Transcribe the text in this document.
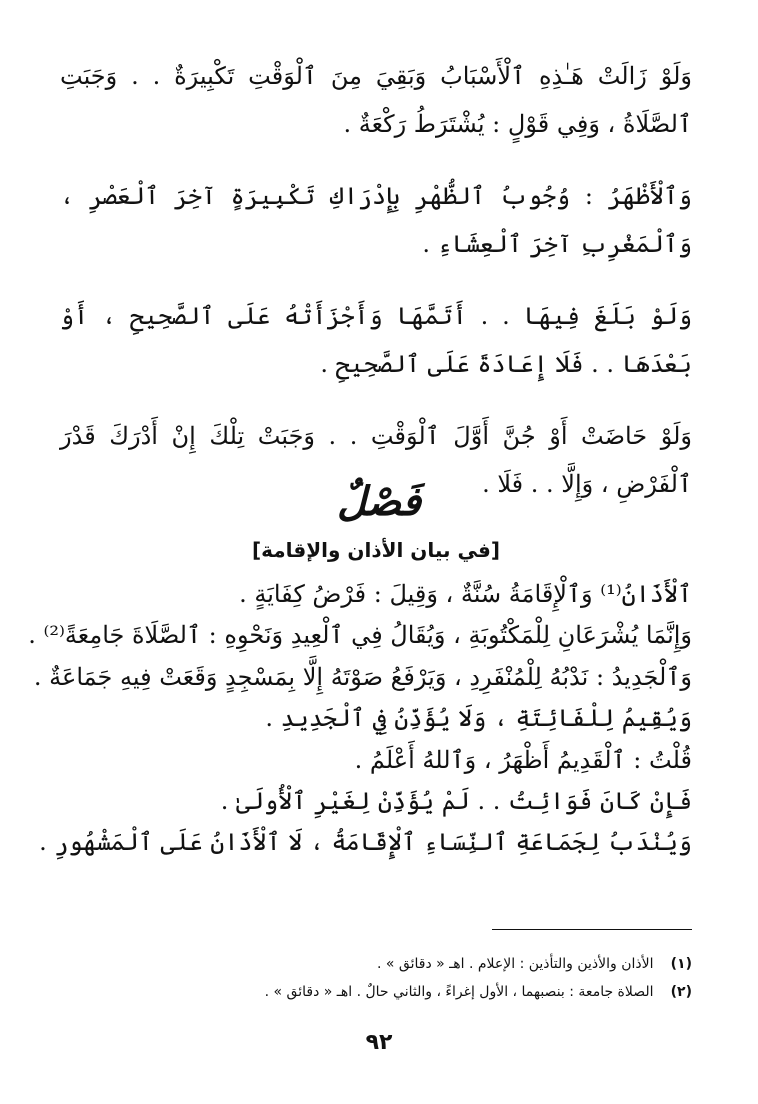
وَلَوْ زَالَتْ هَـٰذِهِ ٱلْأَسْبَابُ وَبَقِيَ مِنَ ٱلْوَقْتِ تَكْبِيرَةٌ . . وَجَبَتِ ٱلصَّلَاةُ ، وَفِي قَوْلٍ : يُشْتَرَطُ رَكْعَةٌ .

وَٱلْأَظْهَرُ : وُجُوبُ ٱلظُّهْرِ بِإِدْرَاكِ تَكْبِيرَةٍ آخِرَ ٱلْعَصْرِ ، وَٱلْمَغْرِبِ آخِرَ ٱلْعِشَاءِ .

وَلَوْ بَلَغَ فِيهَا . . أَتَمَّهَا وَأَجْزَأَتْهُ عَلَى ٱلصَّحِيحِ ، أَوْ بَعْدَهَا . . فَلَا إِعَادَةَ عَلَى ٱلصَّحِيحِ .

وَلَوْ حَاضَتْ أَوْ جُنَّ أَوَّلَ ٱلْوَقْتِ . . وَجَبَتْ تِلْكَ إِنْ أَدْرَكَ قَدْرَ ٱلْفَرْضِ ، وَإِلَّا . . فَلَا .

فَصْلٌ
[في بيان الأذان والإقامة]

ٱلْأَذَانُ⁽¹⁾ وَٱلْإِقَامَةُ سُنَّةٌ ، وَقِيلَ : فَرْضُ كِفَايَةٍ .

وَإِنَّمَا يُشْرَعَانِ لِلْمَكْتُوبَةِ ، وَيُقَالُ فِي ٱلْعِيدِ وَنَحْوِهِ : ٱلصَّلَاةَ جَامِعَةً⁽²⁾ .

وَٱلْجَدِيدُ : نَدْبُهُ لِلْمُنْفَرِدِ ، وَيَرْفَعُ صَوْتَهُ إِلَّا بِمَسْجِدٍ وَقَعَتْ فِيهِ جَمَاعَةٌ .

وَيُقِيمُ لِلْفَائِتَةِ ، وَلَا يُؤَذِّنُ فِي ٱلْجَدِيدِ .

قُلْتُ : ٱلْقَدِيمُ أَظْهَرُ ، وَٱللهُ أَعْلَمُ .

فَإِنْ كَانَ فَوَائِتُ . . لَمْ يُؤَذِّنْ لِغَيْرِ ٱلْأُولَىٰ .

وَيُنْدَبُ لِجَمَاعَةِ ٱلنِّسَاءِ ٱلْإِقَامَةُ ، لَا ٱلْأَذَانُ عَلَى ٱلْمَشْهُورِ .

(١) الأذان والأذين والتأذين : الإعلام . اهـ « دقائق » .

(٢) الصلاة جامعة : بنصبهما ، الأول إغراءً ، والثاني حالٌ . اهـ « دقائق » .

٩٢
